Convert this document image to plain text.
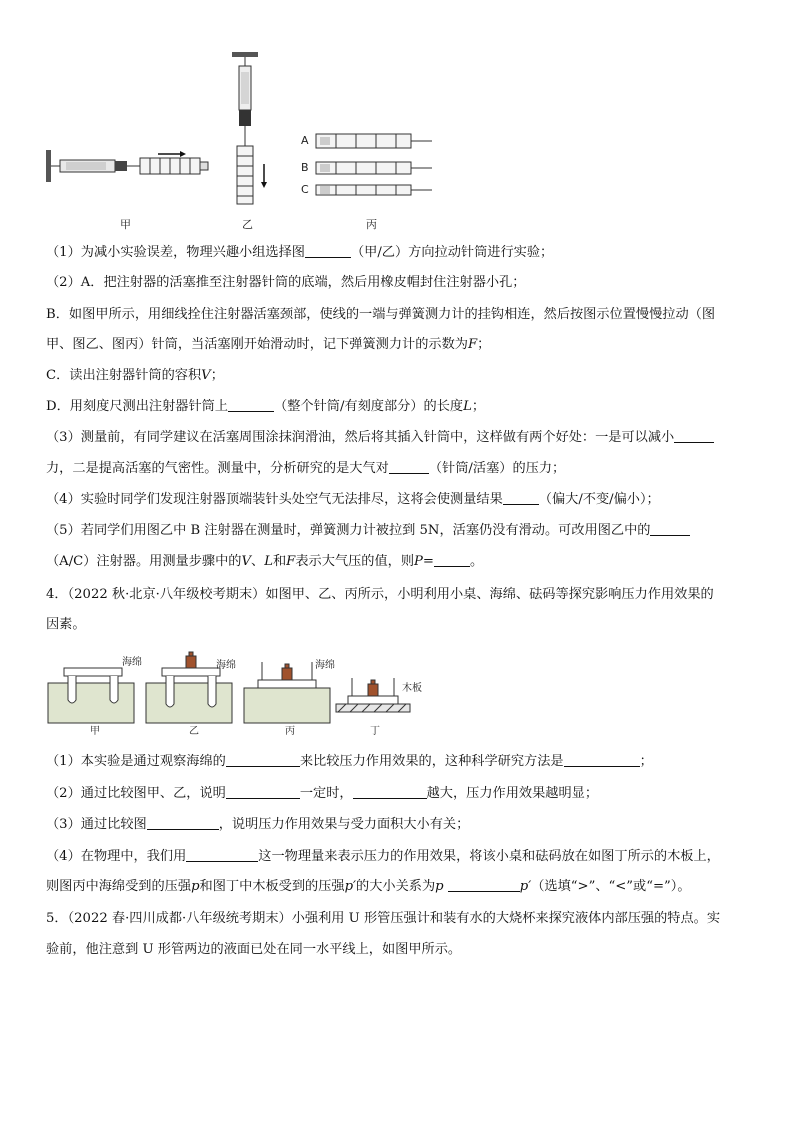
A
B
C
甲	乙	丙
（1）为减小实验误差，物理兴趣小组选择图	（甲/乙）方向拉动针筒进行实验；
（2）A．把注射器的活塞推至注射器针筒的底端，然后用橡皮帽封住注射器小孔；
B．如图甲所示，用细线拴住注射器活塞颈部，使线的一端与弹簧测力计的挂钩相连，然后按图示位置慢慢拉动（图
甲、图乙、图丙）针筒，当活塞刚开始滑动时，记下弹簧测力计的示数为F；
C．读出注射器针筒的容积V；
D．用刻度尺测出注射器针筒上	（整个针筒/有刻度部分）的长度L；
（3）测量前，有同学建议在活塞周围涂抹润滑油，然后将其插入针筒中，这样做有两个好处：一是可以减小
力，二是提高活塞的气密性。测量中，分析研究的是大气对	（针筒/活塞）的压力；
（4）实验时同学们发现注射器顶端装针头处空气无法排尽，这将会使测量结果	（偏大/不变/偏小）；
（5）若同学们用图乙中 B 注射器在测量时，弹簧测力计被拉到 5N，活塞仍没有滑动。可改用图乙中的
（A/C）注射器。用测量步骤中的V、L和F表示大气压的值，则P=	。
4．（2022 秋·北京·八年级校考期末）如图甲、乙、丙所示，小明利用小桌、海绵、砝码等探究影响压力作用效果的
因素。
海绵	海绵	海绵
木板
甲	乙	丙	丁
（1）本实验是通过观察海绵的	来比较压力作用效果的，这种科学研究方法是	；
（2）通过比较图甲、乙，说明	一定时，	越大，压力作用效果越明显；
（3）通过比较图	，说明压力作用效果与受力面积大小有关；
（4）在物理中，我们用	这一物理量来表示压力的作用效果，将该小桌和砝码放在如图丁所示的木板上，
则图丙中海绵受到的压强p和图丁中木板受到的压强p′的大小关系为p	p′（选填“>”、“<”或“=”）。
5．（2022 春·四川成都·八年级统考期末）小强利用 U 形管压强计和装有水的大烧杯来探究液体内部压强的特点。实
验前，他注意到 U 形管两边的液面已处在同一水平线上，如图甲所示。
